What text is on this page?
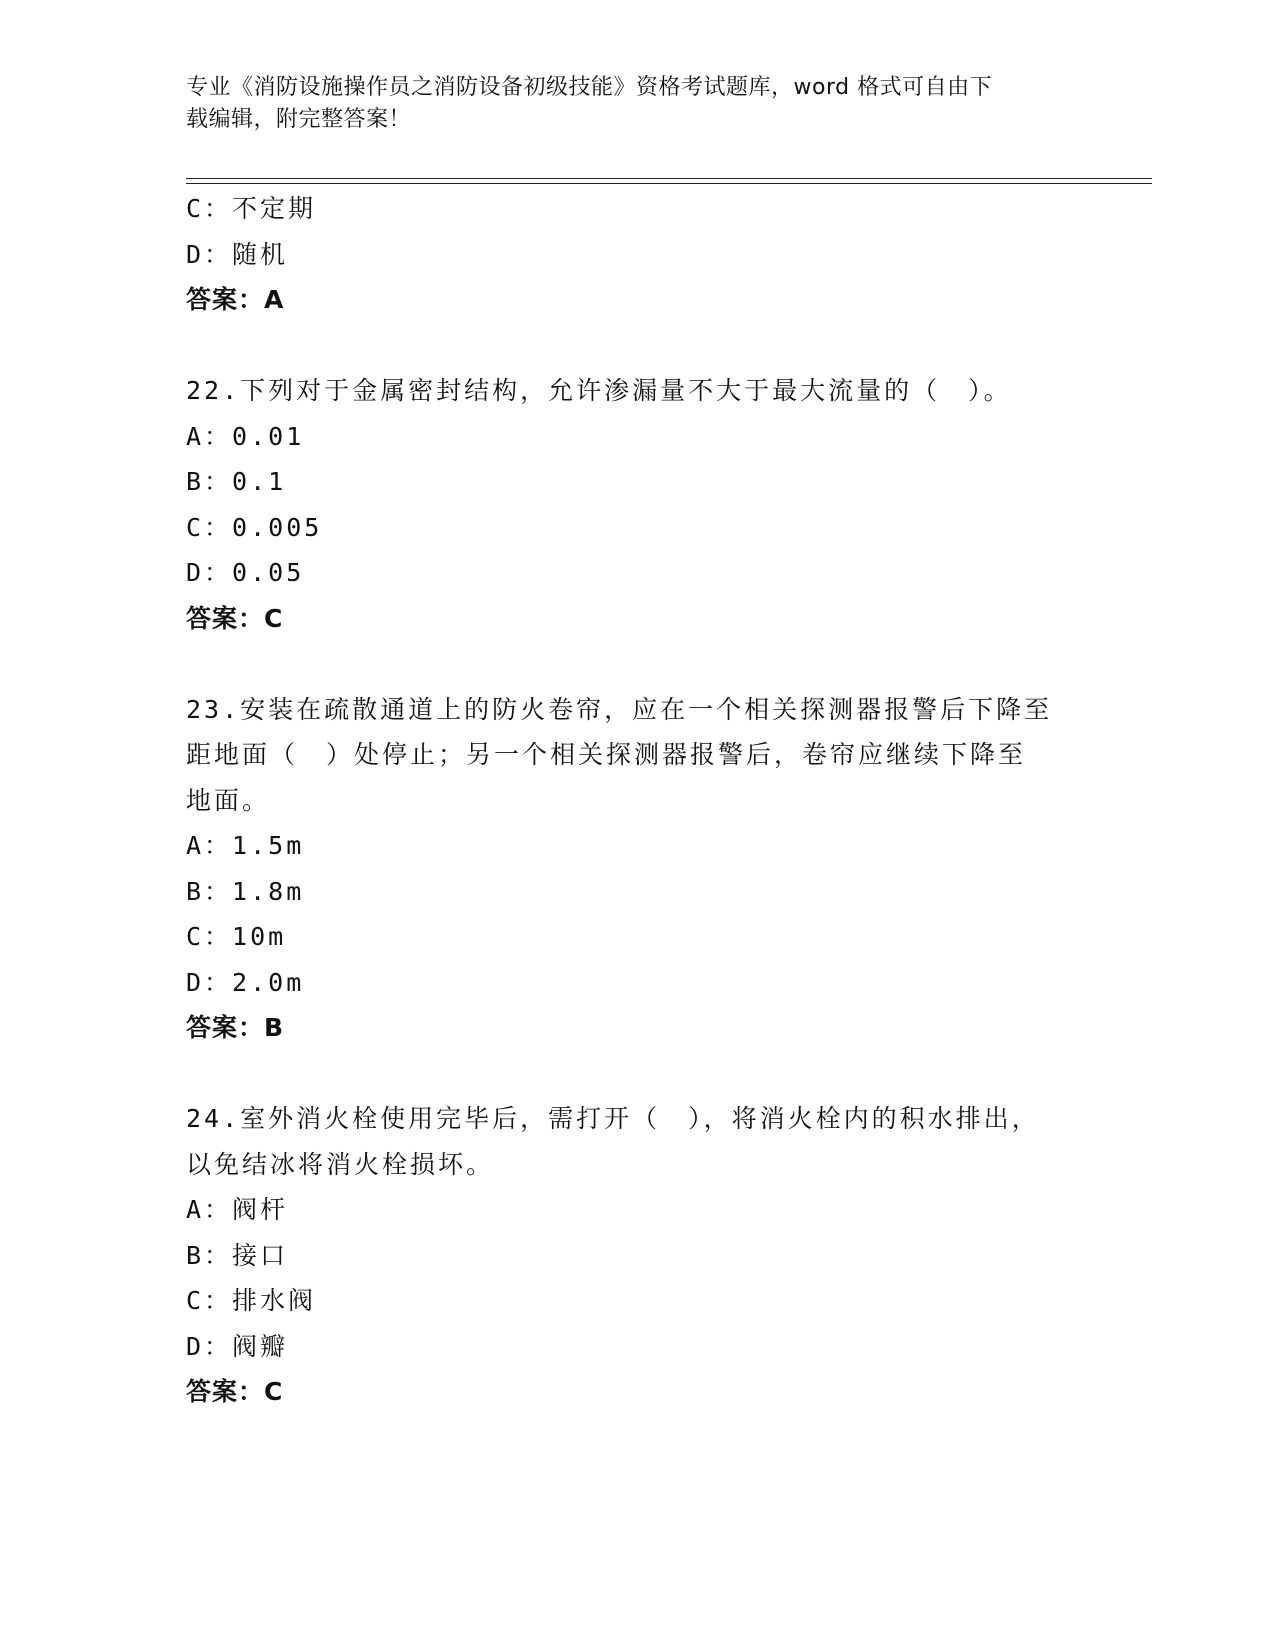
专业《消防设施操作员之消防设备初级技能》资格考试题库，word 格式可自由下
载编辑，附完整答案！
C：不定期
D：随机
答案：A
22.下列对于金属密封结构，允许渗漏量不大于最大流量的（　）。
A：0.01
B：0.1
C：0.005
D：0.05
答案：C
23.安装在疏散通道上的防火卷帘，应在一个相关探测器报警后下降至
距地面（　）处停止；另一个相关探测器报警后，卷帘应继续下降至
地面。
A：1.5m
B：1.8m
C：10m
D：2.0m
答案：B
24.室外消火栓使用完毕后，需打开（　），将消火栓内的积水排出，
以免结冰将消火栓损坏。
A：阀杆
B：接口
C：排水阀
D：阀瓣
答案：C
